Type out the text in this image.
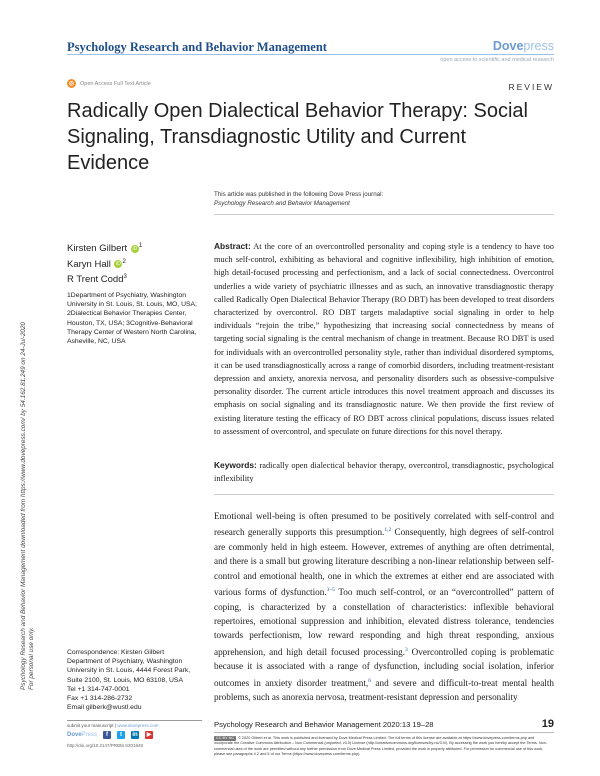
Psychology Research and Behavior Management	Dovepress
open access to scientific and medical research
◎	Open Access Full Text Article	REVIEW
Radically Open Dialectical Behavior Therapy: Social Signaling, Transdiagnostic Utility and Current Evidence
This article was published in the following Dove Press journal:
Psychology Research and Behavior Management
Psychology Research and Behavior Management downloaded from https://www.dovepress.com/ by 54.162.81.249 on 24-Jul-2020 For personal use only.
Kirsten Gilbert iD $^1$
Karyn Hall iD $^2$
R Trent Codd$^3$
1Department of Psychiatry, Washington University in St. Louis, St. Louis, MO, USA; 2Dialectical Behavior Therapies Center, Houston, TX, USA; 3Cognitive-Behavioral Therapy Center of Western North Carolina, Asheville, NC, USA
Abstract: At the core of an overcontrolled personality and coping style is a tendency to have too much self-control, exhibiting as behavioral and cognitive inflexibility, high inhibition of emotion, high detail-focused processing and perfectionism, and a lack of social connectedness. Overcontrol underlies a wide variety of psychiatric illnesses and as such, an innovative transdiagnostic therapy called Radically Open Dialectical Behavior Therapy (RO DBT) has been developed to treat disorders characterized by overcontrol. RO DBT targets maladaptive social signaling in order to help individuals “rejoin the tribe,” hypothesizing that increasing social connectedness by means of targeting social signaling is the central mechanism of change in treatment. Because RO DBT is used for individuals with an overcontrolled personality style, rather than individual disordered symptoms, it can be used transdiagnostically across a range of comorbid disorders, including treatment-resistant depression and anxiety, anorexia nervosa, and personality disorders such as obsessive-compulsive personality disorder. The current article introduces this novel treatment approach and discusses its emphasis on social signaling and its transdiagnostic nature. We then provide the first review of existing literature testing the efficacy of RO DBT across clinical populations, discuss issues related to assessment of overcontrol, and speculate on future directions for this novel therapy.
Keywords: radically open dialectical behavior therapy, overcontrol, transdiagnostic, psychological inflexibility
Emotional well-being is often presumed to be positively correlated with self-control and research generally supports this presumption.$^{1,2}$ Consequently, high degrees of self-control are commonly held in high esteem. However, extremes of anything are often detrimental, and there is a small but growing literature describing a non-linear relationship between self-control and emotional health, one in which the extremes at either end are associated with various forms of dysfunction.$^{3-5}$ Too much self-control, or an “overcontrolled” pattern of coping, is characterized by a constellation of characteristics: inflexible behavioral repertoires, emotional suppression and inhibition, elevated distress tolerance, tendencies towards perfectionism, low reward responding and high threat responding, anxious apprehension, and high detail focused processing.$^3$ Overcontrolled coping is problematic because it is associated with a range of dysfunction, including social isolation, inferior outcomes in anxiety disorder treatment,$^6$ and severe and difficult-to-treat mental health problems, such as anorexia nervosa, treatment-resistant depression and personality
Correspondence: Kirsten Gilbert
Department of Psychiatry, Washington University in St. Louis, 4444 Forest Park, Suite 2100, St. Louis, MO 63108, USA
Tel +1 314-747-0001
Fax +1 314-286-2732
Email gilberk@wustl.edu
submit your manuscript | www.dovepress.com
DovePress	f	t	in ▶
http://doi.org/10.2147/PRBM.S201848
Psychology Research and Behavior Management 2020:13 19–28	19
CC BY NC © 2020 Gilbert et al. This work is published and licensed by Dove Medical Press Limited. The full terms of this license are available at https://www.dovepress.com/terms.php and incorporate the Creative Commons Attribution – Non Commercial (unported, v3.0) License (http://creativecommons.org/licenses/by-nc/3.0/). By accessing the work you hereby accept the Terms. Non-commercial uses of the work are permitted without any further permission from Dove Medical Press Limited, provided the work is properly attributed. For permission for commercial use of this work, please see paragraphs 4.2 and 5 of our Terms (https://www.dovepress.com/terms.php).
